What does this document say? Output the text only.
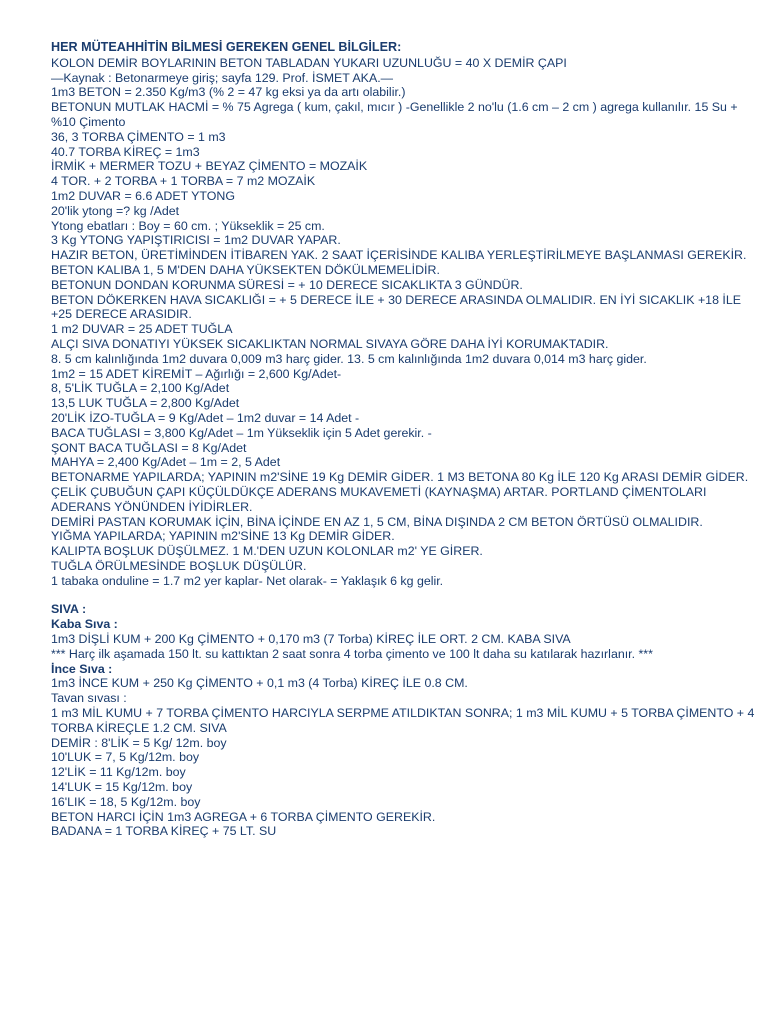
HER MÜTEAHHİTİN BİLMESİ GEREKEN GENEL BİLGİLER:
KOLON DEMİR BOYLARININ BETON TABLADAN YUKARI UZUNLUĞU = 40 X DEMİR ÇAPI
—Kaynak : Betonarmeye giriş; sayfa 129. Prof. İSMET AKA.—
1m3 BETON = 2.350 Kg/m3 (% 2 = 47 kg eksi ya da artı olabilir.)
BETONUN MUTLAK HACMİ = % 75 Agrega ( kum, çakıl, mıcır ) -Genellikle 2 no'lu (1.6 cm – 2 cm ) agrega kullanılır. 15 Su + %10 Çimento
36, 3 TORBA ÇİMENTO = 1 m3
40.7 TORBA KİREÇ = 1m3
İRMİK + MERMER TOZU + BEYAZ ÇİMENTO = MOZAİK
4 TOR. + 2 TORBA + 1 TORBA = 7 m2 MOZAİK
1m2 DUVAR = 6.6 ADET YTONG
20'lik ytong =? kg /Adet
Ytong ebatları : Boy = 60 cm. ; Yükseklik = 25 cm.
3 Kg YTONG YAPIŞTIRICISI = 1m2 DUVAR YAPAR.
HAZIR BETON, ÜRETİMİNDEN İTİBAREN YAK. 2 SAAT İÇERİSİNDE KALIBA YERLEŞTİRİLMEYE BAŞLANMASI GEREKİR.
BETON KALIBA 1, 5 M'DEN DAHA YÜKSEKTEN DÖKÜLMEMELİDİR.
BETONUN DONDAN KORUNMA SÜRESİ = + 10 DERECE SICAKLIKTA 3 GÜNDÜR.
BETON DÖKERKEN HAVA SICAKLIĞI = + 5 DERECE İLE + 30 DERECE ARASINDA OLMALIDIR. EN İYİ SICAKLIK +18 İLE +25 DERECE ARASIDIR.
1 m2 DUVAR = 25 ADET TUĞLA
ALÇI SIVA DONATIYI YÜKSEK SICAKLIKTAN NORMAL SIVAYA GÖRE DAHA İYİ KORUMAKTADIR.
8. 5 cm kalınlığında 1m2 duvara 0,009 m3 harç gider. 13. 5 cm kalınlığında 1m2 duvara 0,014 m3 harç gider.
1m2 = 15 ADET KİREMİT – Ağırlığı = 2,600 Kg/Adet-
8, 5'LİK TUĞLA = 2,100 Kg/Adet
13,5 LUK TUĞLA = 2,800 Kg/Adet
20'LİK İZO-TUĞLA = 9 Kg/Adet – 1m2 duvar = 14 Adet -
BACA TUĞLASI = 3,800 Kg/Adet – 1m Yükseklik için 5 Adet gerekir. -
ŞONT BACA TUĞLASI = 8 Kg/Adet
MAHYA = 2,400 Kg/Adet – 1m = 2, 5 Adet
BETONARME YAPILARDA; YAPININ m2'SİNE 19 Kg DEMİR GİDER. 1 M3 BETONA 80 Kg İLE 120 Kg ARASI DEMİR GİDER.
ÇELİK ÇUBUĞUN ÇAPI KÜÇÜLDÜKÇE ADERANS MUKAVEMETİ (KAYNAŞMA) ARTAR. PORTLAND ÇİMENTOLARI ADERANS YÖNÜNDEN İYİDİRLER.
DEMİRİ PASTAN KORUMAK İÇİN, BİNA İÇİNDE EN AZ 1, 5 CM, BİNA DIŞINDA 2 CM BETON ÖRTÜSÜ OLMALIDIR.
YIĞMA YAPILARDA; YAPININ m2'SİNE 13 Kg DEMİR GİDER.
KALIPTA BOŞLUK DÜŞÜLMEZ. 1 M.'DEN UZUN KOLONLAR m2' YE GİRER.
TUĞLA ÖRÜLMESİNDE BOŞLUK DÜŞÜLÜR.
1 tabaka onduline = 1.7 m2 yer kaplar- Net olarak- = Yaklaşık 6 kg gelir.
SIVA :
Kaba Sıva :
1m3 DİŞLİ KUM + 200 Kg ÇİMENTO + 0,170 m3 (7 Torba) KİREÇ İLE ORT. 2 CM. KABA SIVA
*** Harç ilk aşamada 150 lt. su kattıktan 2 saat sonra 4 torba çimento ve 100 lt daha su katılarak hazırlanır. ***
İnce Sıva :
1m3 İNCE KUM + 250 Kg ÇİMENTO + 0,1 m3 (4 Torba) KİREÇ İLE 0.8 CM.
Tavan sıvası :
1 m3 MİL KUMU + 7 TORBA ÇİMENTO HARCIYLA SERPME ATILDIKTAN SONRA; 1 m3 MİL KUMU + 5 TORBA ÇİMENTO + 4 TORBA KİREÇLE 1.2 CM. SIVA
DEMİR : 8'LİK = 5 Kg/ 12m. boy
10'LUK = 7, 5 Kg/12m. boy
12'LİK = 11 Kg/12m. boy
14'LUK = 15 Kg/12m. boy
16'LIK = 18, 5 Kg/12m. boy
BETON HARCI İÇİN 1m3 AGREGA + 6 TORBA ÇİMENTO GEREKİR.
BADANA = 1 TORBA KİREÇ + 75 LT. SU
